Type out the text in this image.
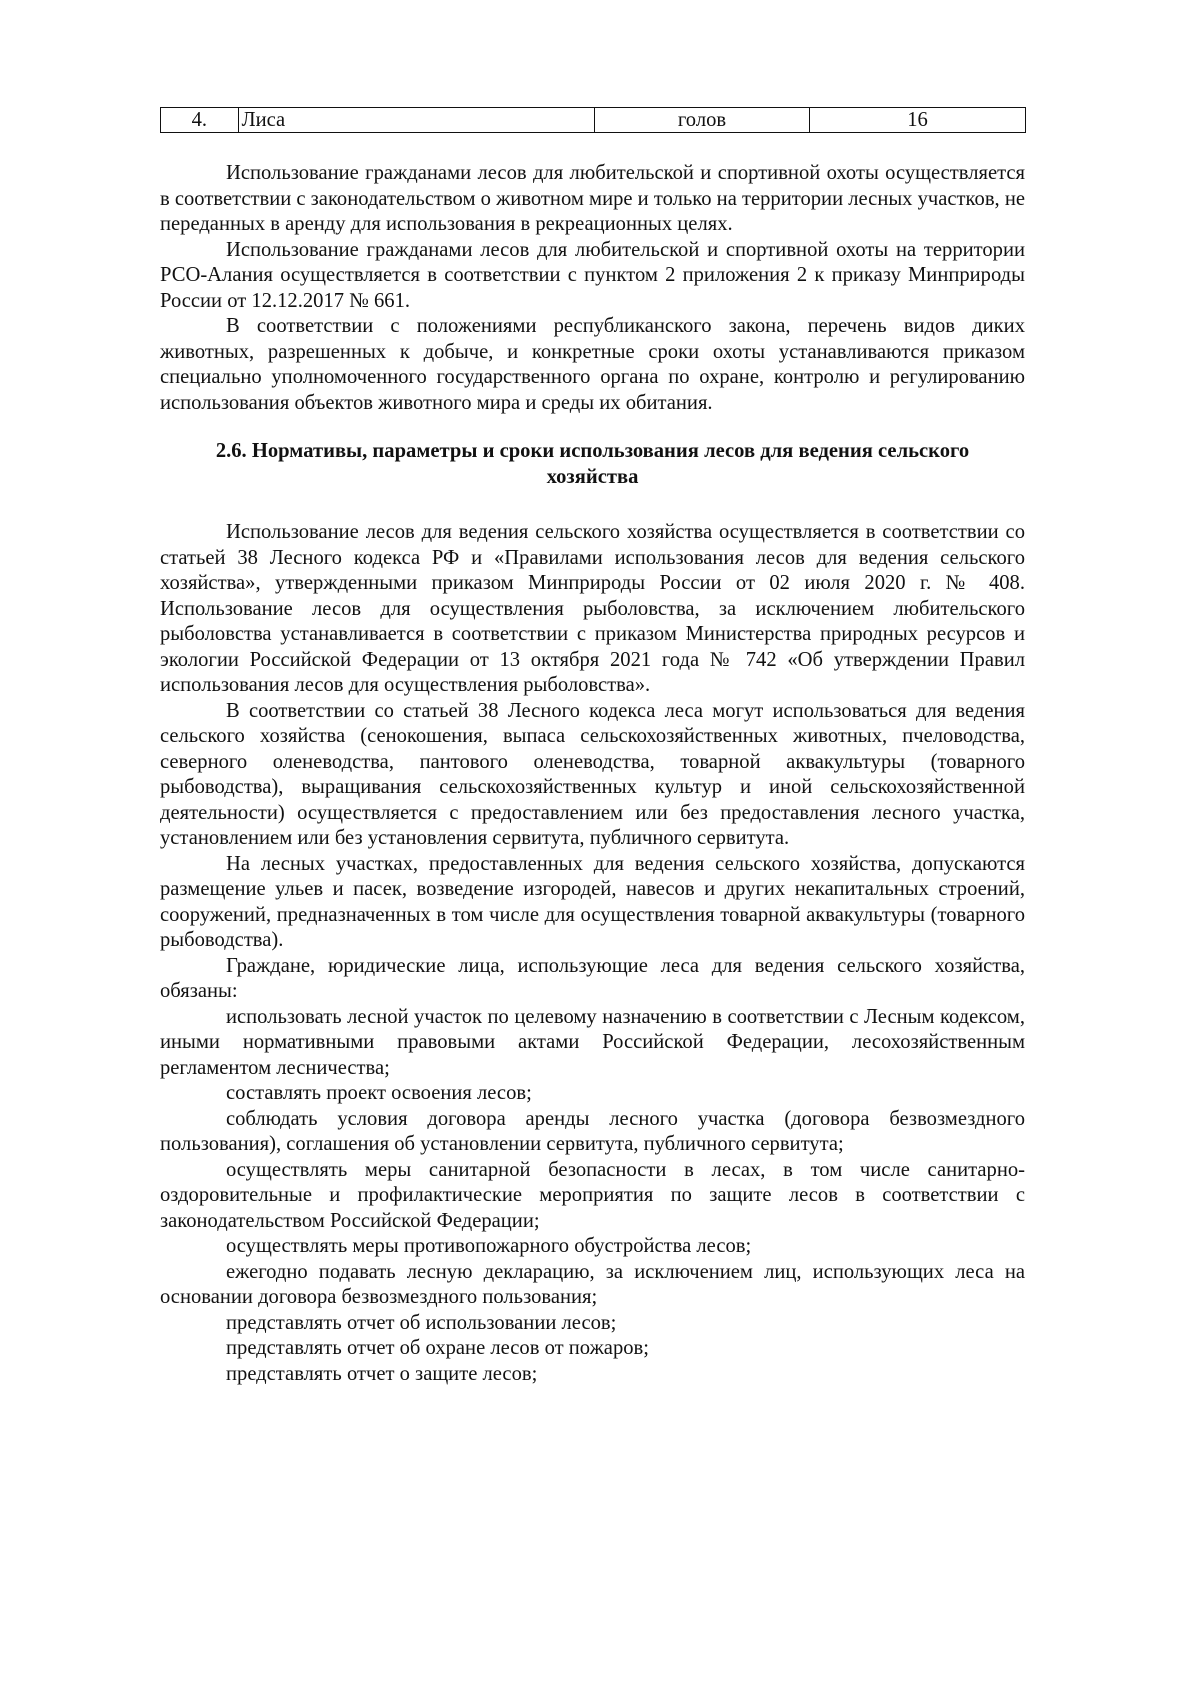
4.	Лиса	голов	16

Использование гражданами лесов для любительской и спортивной охоты осуществляется в соответствии с законодательством о животном мире и только на территории лесных участков, не переданных в аренду для использования в рекреационных целях.

Использование гражданами лесов для любительской и спортивной охоты на территории РСО-Алания осуществляется в соответствии с пунктом 2 приложения 2 к приказу Минприроды России от 12.12.2017 № 661.

В соответствии с положениями республиканского закона, перечень видов диких животных, разрешенных к добыче, и конкретные сроки охоты устанавливаются приказом специально уполномоченного государственного органа по охране, контролю и регулированию использования объектов животного мира и среды их обитания.

2.6. Нормативы, параметры и сроки использования лесов для ведения сельского хозяйства

Использование лесов для ведения сельского хозяйства осуществляется в соответствии со статьей 38 Лесного кодекса РФ и «Правилами использования лесов для ведения сельского хозяйства», утвержденными приказом Минприроды России от 02 июля 2020 г. № 408. Использование лесов для осуществления рыболовства, за исключением любительского рыболовства устанавливается в соответствии с приказом Министерства природных ресурсов и экологии Российской Федерации от 13 октября 2021 года № 742 «Об утверждении Правил использования лесов для осуществления рыболовства».

В соответствии со статьей 38 Лесного кодекса леса могут использоваться для ведения сельского хозяйства (сенокошения, выпаса сельскохозяйственных животных, пчеловодства, северного оленеводства, пантового оленеводства, товарной аквакультуры (товарного рыбоводства), выращивания сельскохозяйственных культур и иной сельскохозяйственной деятельности) осуществляется с предоставлением или без предоставления лесного участка, установлением или без установления сервитута, публичного сервитута.

На лесных участках, предоставленных для ведения сельского хозяйства, допускаются размещение ульев и пасек, возведение изгородей, навесов и других некапитальных строений, сооружений, предназначенных в том числе для осуществления товарной аквакультуры (товарного рыбоводства).

Граждане, юридические лица, использующие леса для ведения сельского хозяйства, обязаны:

использовать лесной участок по целевому назначению в соответствии с Лесным кодексом, иными нормативными правовыми актами Российской Федерации, лесохозяйственным регламентом лесничества;

составлять проект освоения лесов;

соблюдать условия договора аренды лесного участка (договора безвозмездного пользования), соглашения об установлении сервитута, публичного сервитута;

осуществлять меры санитарной безопасности в лесах, в том числе санитарно-оздоровительные и профилактические мероприятия по защите лесов в соответствии с законодательством Российской Федерации;

осуществлять меры противопожарного обустройства лесов;

ежегодно подавать лесную декларацию, за исключением лиц, использующих леса на основании договора безвозмездного пользования;

представлять отчет об использовании лесов;

представлять отчет об охране лесов от пожаров;

представлять отчет о защите лесов;
